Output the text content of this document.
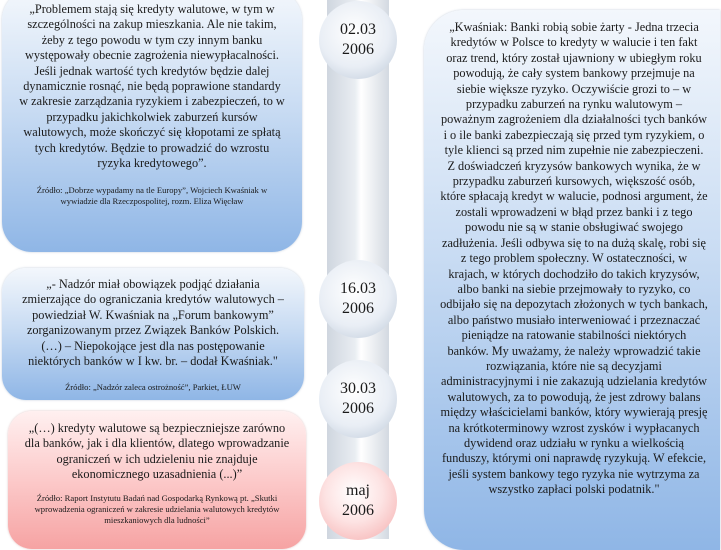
02.03
2006
16.03
2006
30.03
2006
maj
2006
„Problemem stają się kredyty walutowe, w tym w szczególności na zakup mieszkania. Ale nie takim, żeby z tego powodu w tym czy innym banku występowały obecnie zagrożenia niewypłacalności. Jeśli jednak wartość tych kredytów będzie dalej dynamicznie rosnąć, nie będą poprawione standardy w zakresie zarządzania ryzykiem i zabezpieczeń, to w przypadku jakichkolwiek zaburzeń kursów walutowych, może skończyć się kłopotami ze spłatą tych kredytów. Będzie to prowadzić do wzrostu ryzyka kredytowego”.
Źródło: „Dobrze wypadamy na tle Europy”, Wojciech Kwaśniak w wywiadzie dla Rzeczpospolitej, rozm. Eliza Więcław
„- Nadzór miał obowiązek podjąć działania zmierzające do ograniczania kredytów walutowych – powiedział W. Kwaśniak na „Forum bankowym” zorganizowanym przez Związek Banków Polskich. (…) – Niepokojące jest dla nas postępowanie niektórych banków w I kw. br. – dodał Kwaśniak."
Źródło: „Nadzór zaleca ostrożność”, Parkiet, ŁUW
„(…) kredyty walutowe są bezpieczniejsze zarówno dla banków, jak i dla klientów, dlatego wprowadzanie ograniczeń w ich udzieleniu nie znajduje ekonomicznego uzasadnienia (...)”
Źródło: Raport Instytutu Badań nad Gospodarką Rynkową pt. „Skutki wprowadzenia ograniczeń w zakresie udzielania walutowych kredytów mieszkaniowych dla ludności”
„Kwaśniak: Banki robią sobie żarty - Jedna trzecia kredytów w Polsce to kredyty w walucie i ten fakt oraz trend, który został ujawniony w ubiegłym roku powodują, że cały system bankowy przejmuje na siebie większe ryzyko. Oczywiście grozi to – w przypadku zaburzeń na rynku walutowym – poważnym zagrożeniem dla działalności tych banków i o ile banki zabezpieczają się przed tym ryzykiem, o tyle klienci są przed nim zupełnie nie zabezpieczeni. Z doświadczeń kryzysów bankowych wynika, że w przypadku zaburzeń kursowych, większość osób, które spłacają kredyt w walucie, podnosi argument, że zostali wprowadzeni w błąd przez banki i z tego powodu nie są w stanie obsługiwać swojego zadłużenia. Jeśli odbywa się to na dużą skalę, robi się z tego problem społeczny. W ostateczności, w krajach, w których dochodziło do takich kryzysów, albo banki na siebie przejmowały to ryzyko, co odbijało się na depozytach złożonych w tych bankach, albo państwo musiało interweniować i przeznaczać pieniądze na ratowanie stabilności niektórych banków. My uważamy, że należy wprowadzić takie rozwiązania, które nie są decyzjami administracyjnymi i nie zakazują udzielania kredytów walutowych, za to powodują, że jest zdrowy balans między właścicielami banków, który wywierają presję na krótkoterminowy wzrost zysków i wypłacanych dywidend oraz udziału w rynku a wielkością funduszy, którymi oni naprawdę ryzykują. W efekcie, jeśli system bankowy tego ryzyka nie wytrzyma za wszystko zapłaci polski podatnik."
